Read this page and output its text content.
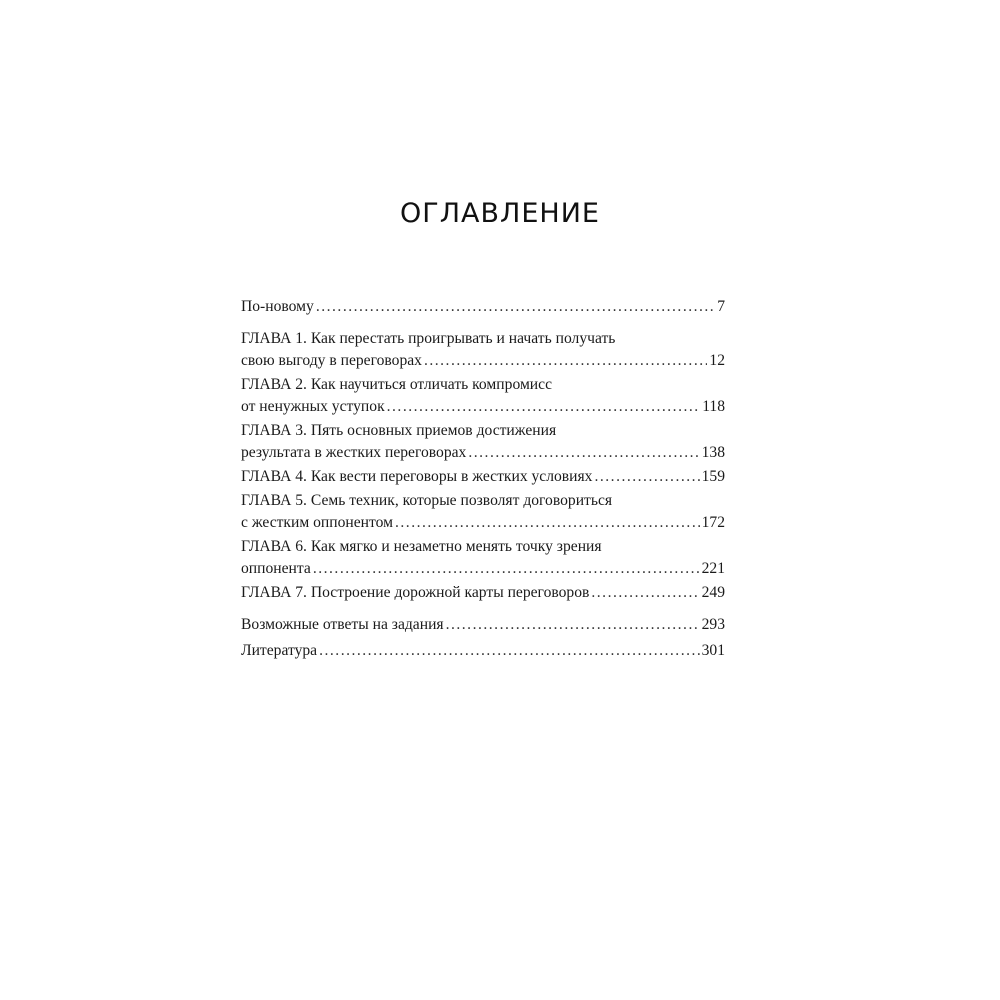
ОГЛАВЛЕНИЕ
По-новому . . .	7
ГЛАВА 1. Как перестать проигрывать и начать получать
свою выгоду в переговорах . . .	12
ГЛАВА 2. Как научиться отличать компромисс
от ненужных уступок . . .	118
ГЛАВА 3. Пять основных приемов достижения
результата в жестких переговорах . . .	138
ГЛАВА 4. Как вести переговоры в жестких условиях . . .	159
ГЛАВА 5. Семь техник, которые позволят договориться
с жестким оппонентом . . .	172
ГЛАВА 6. Как мягко и незаметно менять точку зрения
оппонента . . .	221
ГЛАВА 7. Построение дорожной карты переговоров . . .	249
Возможные ответы на задания . . .	293
Литература . . .	301
